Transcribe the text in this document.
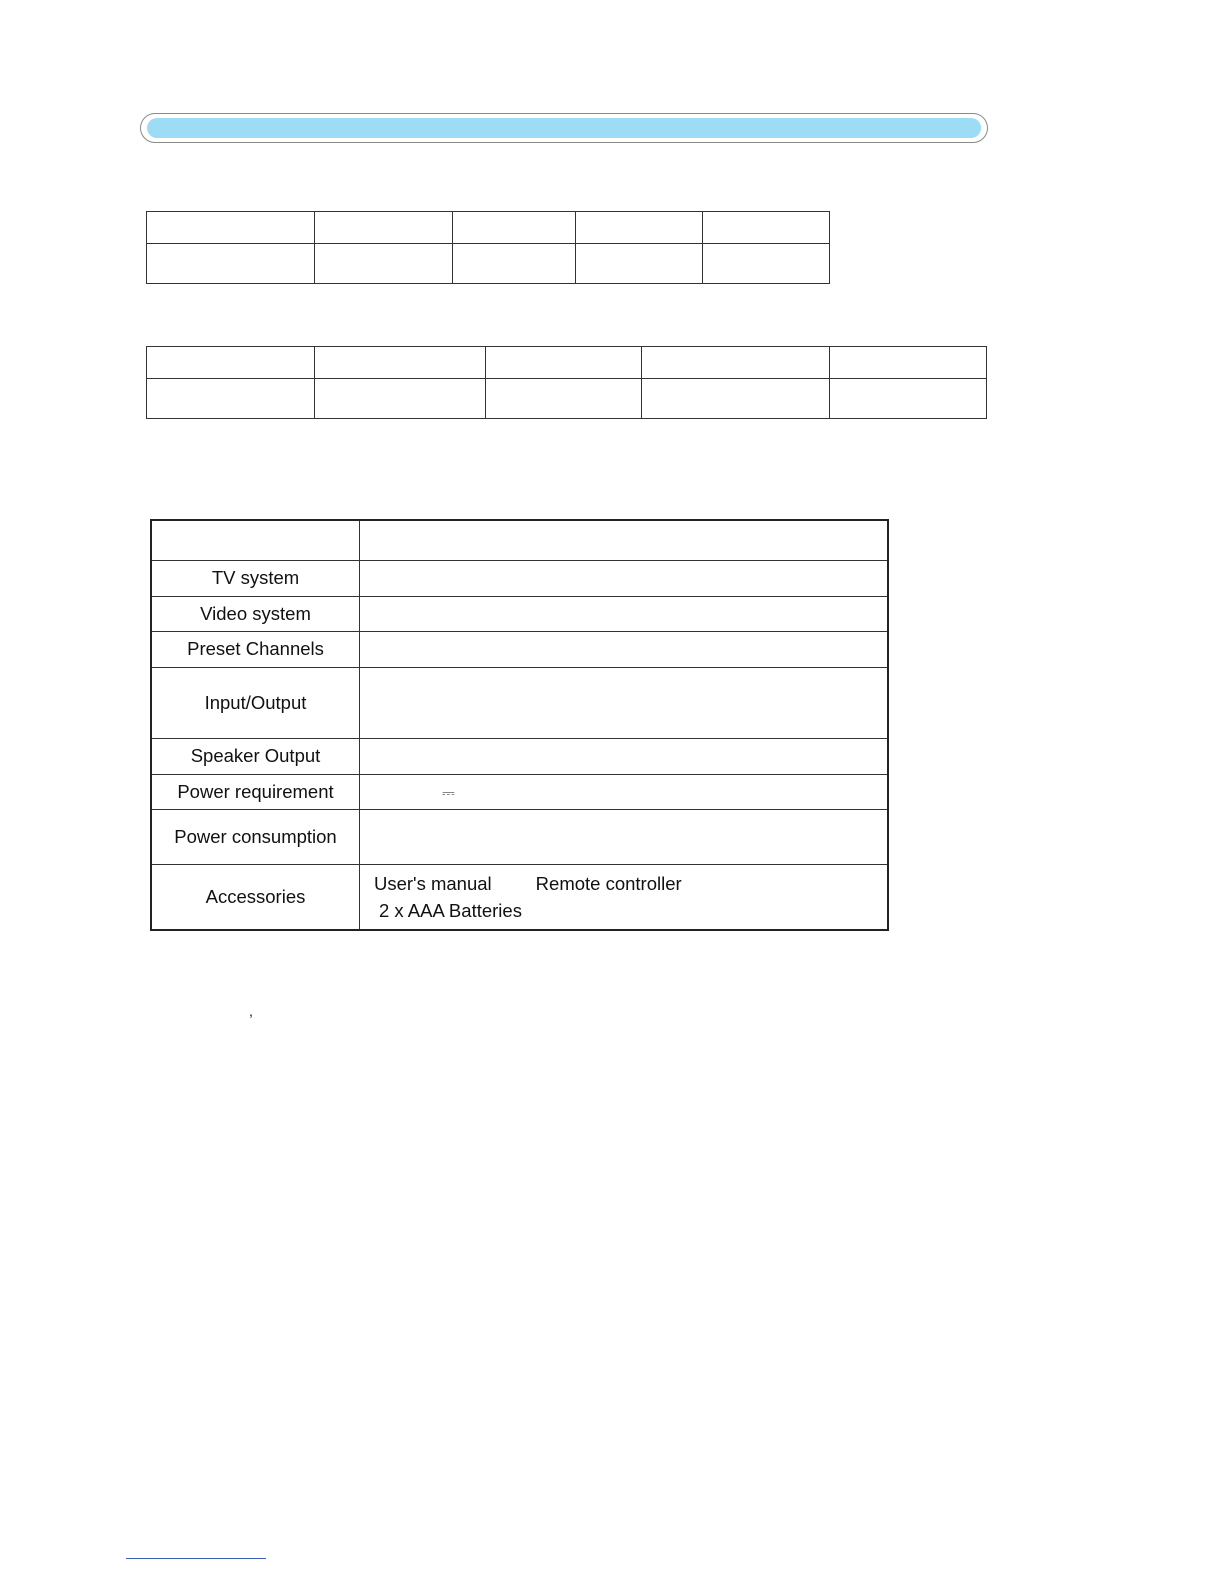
TV system	
Video system	
Preset Channels	
Input/Output	
Speaker Output	
Power requirement	⎓
Power consumption	
Accessories	User's manual Remote controller
2 x AAA Batteries
,
